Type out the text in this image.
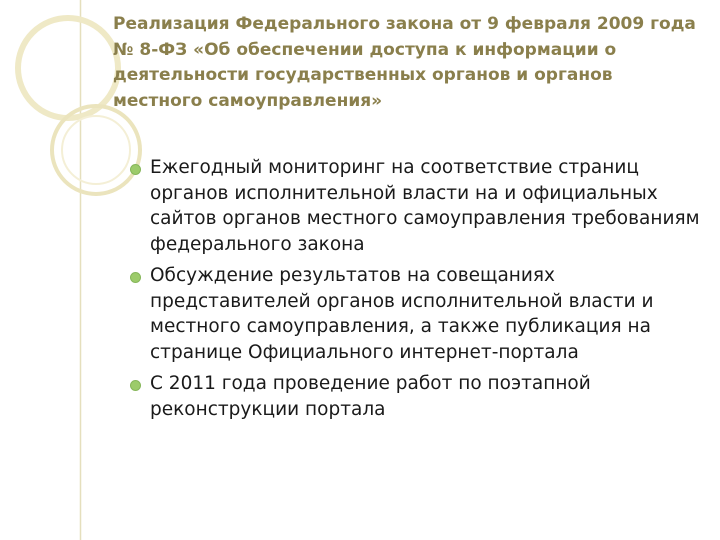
Реализация Федерального закона от 9 февраля 2009 года № 8-ФЗ «Об обеспечении доступа к информации о деятельности государственных органов и органов местного самоуправления»
Ежегодный мониторинг на соответствие страниц органов исполнительной власти на и официальных сайтов органов местного самоуправления требованиям федерального закона
Обсуждение результатов на совещаниях представителей органов исполнительной власти и местного самоуправления, а также публикация на странице Официального интернет-портала
С 2011 года проведение работ по поэтапной реконструкции портала
